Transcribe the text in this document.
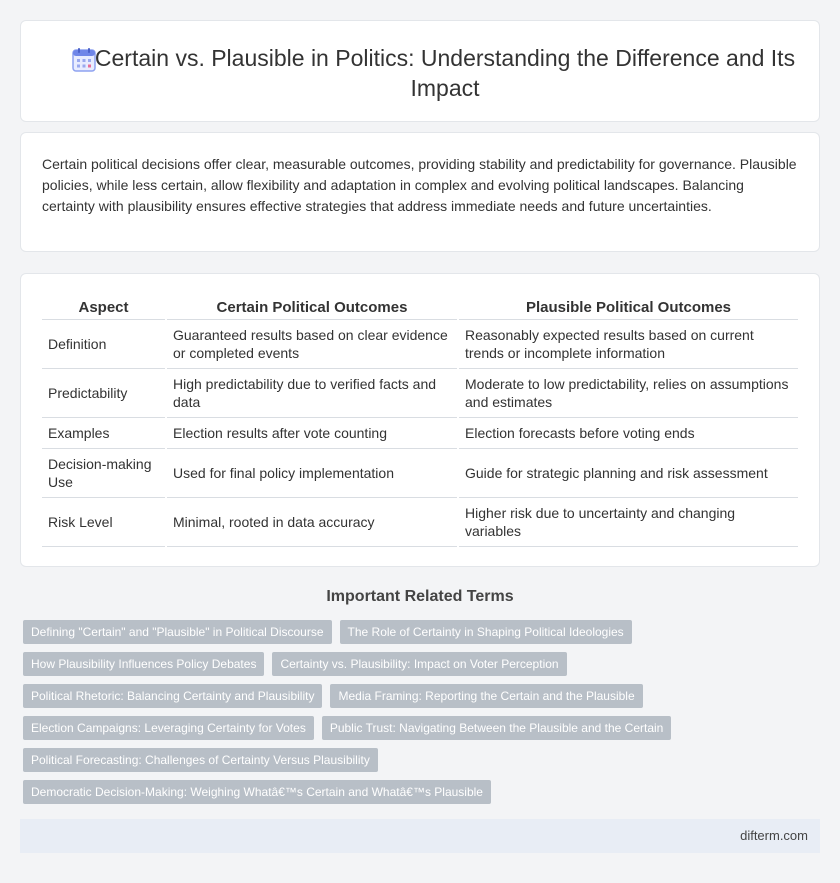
Certain vs. Plausible in Politics: Understanding the Difference and Its Impact

Certain political decisions offer clear, measurable outcomes, providing stability and predictability for governance. Plausible policies, while less certain, allow flexibility and adaptation in complex and evolving political landscapes. Balancing certainty with plausibility ensures effective strategies that address immediate needs and future uncertainties.

Aspect	Certain Political Outcomes	Plausible Political Outcomes
Definition	Guaranteed results based on clear evidence or completed events	Reasonably expected results based on current trends or incomplete information
Predictability	High predictability due to verified facts and data	Moderate to low predictability, relies on assumptions and estimates
Examples	Election results after vote counting	Election forecasts before voting ends
Decision-making Use	Used for final policy implementation	Guide for strategic planning and risk assessment
Risk Level	Minimal, rooted in data accuracy	Higher risk due to uncertainty and changing variables
Important Related Terms
Defining "Certain" and "Plausible" in Political Discourse	The Role of Certainty in Shaping Political Ideologies
How Plausibility Influences Policy Debates	Certainty vs. Plausibility: Impact on Voter Perception
Political Rhetoric: Balancing Certainty and Plausibility	Media Framing: Reporting the Certain and the Plausible
Election Campaigns: Leveraging Certainty for Votes	Public Trust: Navigating Between the Plausible and the Certain
Political Forecasting: Challenges of Certainty Versus Plausibility
Democratic Decision-Making: Weighing Whatâ€™s Certain and Whatâ€™s Plausible
difterm.com
